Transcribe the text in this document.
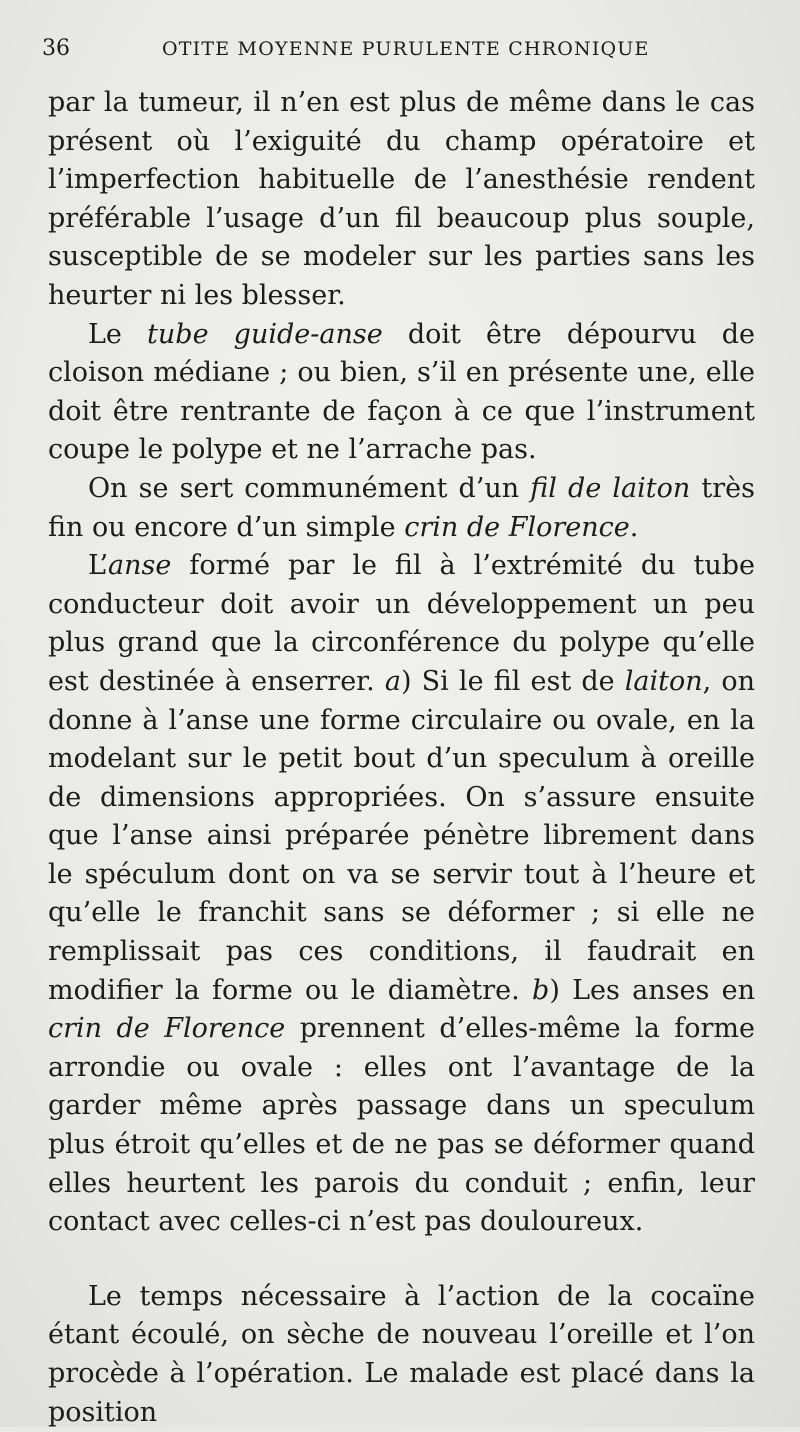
36	OTITE MOYENNE PURULENTE CHRONIQUE

par la tumeur, il n’en est plus de même dans le cas présent où l’exiguité du champ opératoire et l’imperfection habituelle de l’anesthésie rendent préférable l’usage d’un fil beaucoup plus souple, susceptible de se modeler sur les parties sans les heurter ni les blesser.

Le tube guide-anse doit être dépourvu de cloison médiane ; ou bien, s’il en présente une, elle doit être rentrante de façon à ce que l’instrument coupe le polype et ne l’arrache pas.

On se sert communément d’un fil de laiton très fin ou encore d’un simple crin de Florence.

L’anse formé par le fil à l’extrémité du tube conducteur doit avoir un développement un peu plus grand que la circonférence du polype qu’elle est destinée à enserrer. a) Si le fil est de laiton, on donne à l’anse une forme circulaire ou ovale, en la modelant sur le petit bout d’un speculum à oreille de dimensions appropriées. On s’assure ensuite que l’anse ainsi préparée pénètre librement dans le spéculum dont on va se servir tout à l’heure et qu’elle le franchit sans se déformer ; si elle ne remplissait pas ces conditions, il faudrait en modifier la forme ou le diamètre. b) Les anses en crin de Florence prennent d’elles-même la forme arrondie ou ovale : elles ont l’avantage de la garder même après passage dans un speculum plus étroit qu’elles et de ne pas se déformer quand elles heurtent les parois du conduit ; enfin, leur contact avec celles-ci n’est pas douloureux.

Le temps nécessaire à l’action de la cocaïne étant écoulé, on sèche de nouveau l’oreille et l’on procède à l’opération. Le malade est placé dans la position
